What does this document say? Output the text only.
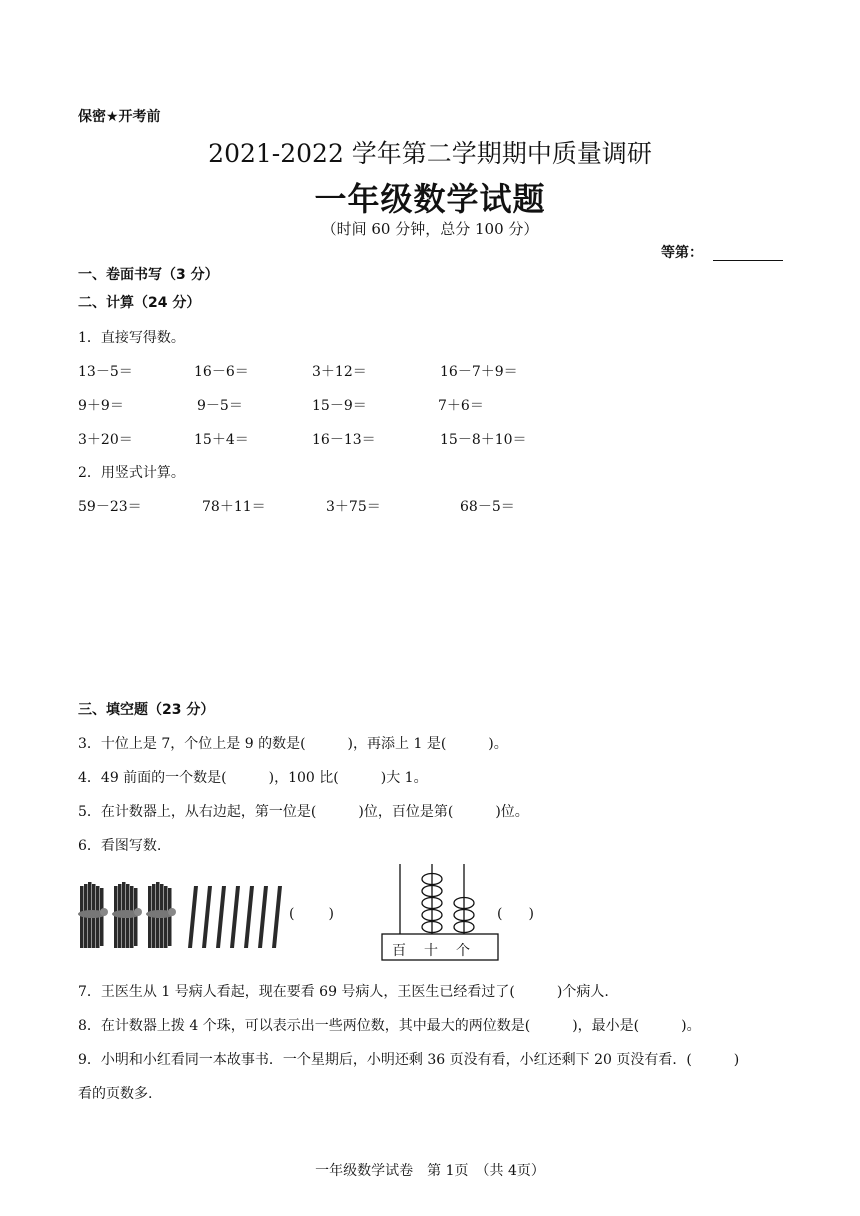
保密★开考前
2021-2022 学年第二学期期中质量调研
一年级数学试题
（时间 60 分钟，总分 100 分）
等第：
一、卷面书写（3 分）
二、计算（24 分）
1．直接写得数。
13－5＝	16－6＝	3＋12＝	16－7＋9＝
9＋9＝	9－5＝	15－9＝	7＋6＝
3＋20＝	15＋4＝	16－13＝	15－8＋10＝
2．用竖式计算。
59－23＝	78＋11＝	3＋75＝	68－5＝
三、填空题（23 分）
3．十位上是 7，个位上是 9 的数是(	)，再添上 1 是(	)。
4．49 前面的一个数是(	)，100 比(	)大 1。
5．在计数器上，从右边起，第一位是(	)位，百位是第(	)位。
6．看图写数.
( )
百 十 个
( )
7．王医生从 1 号病人看起，现在要看 69 号病人，王医生已经看过了(	)个病人.
8．在计数器上拨 4 个珠，可以表示出一些两位数，其中最大的两位数是(	)，最小是(	)。
9．小明和小红看同一本故事书．一个星期后，小明还剩 36 页没有看，小红还剩下 20 页没有看．(	)
看的页数多.
一年级数学试卷　第 1页　（共 4页）
